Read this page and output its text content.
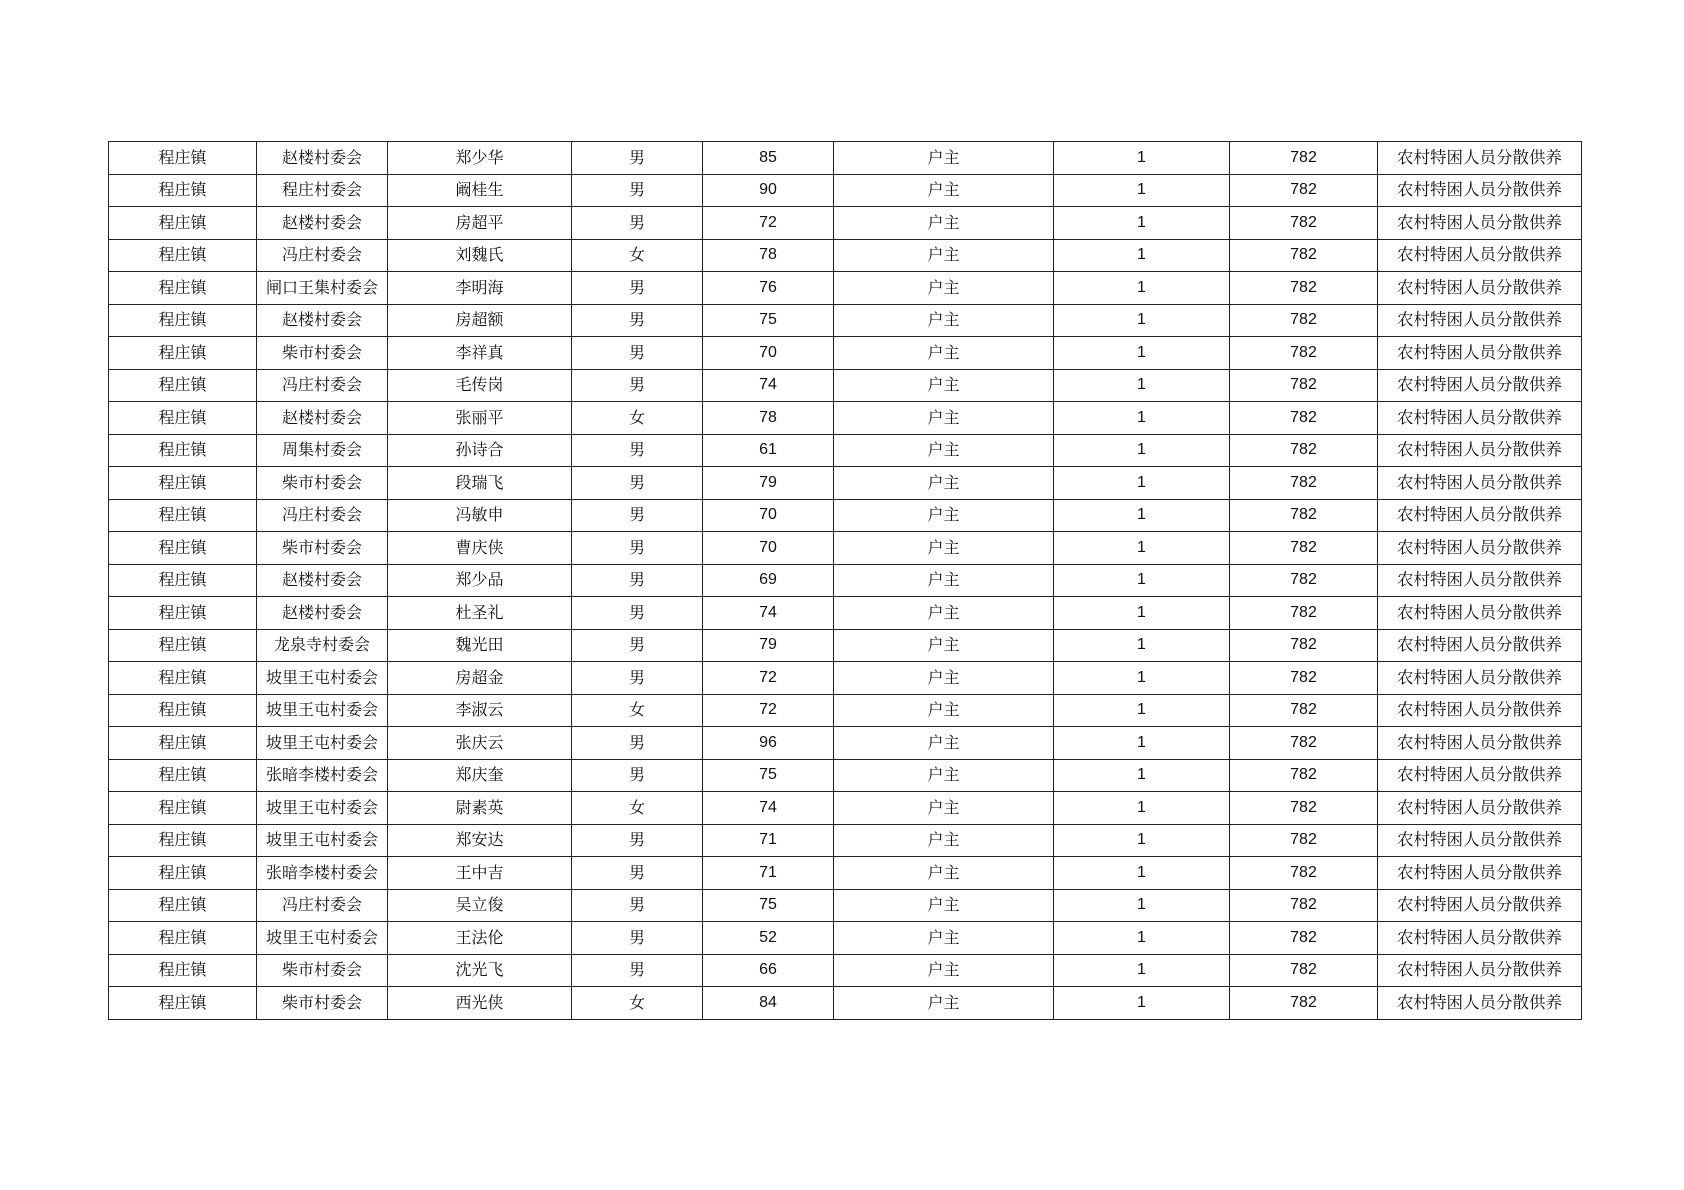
程庄镇	赵楼村委会	郑少华	男	85	户主	1	782	农村特困人员分散供养
程庄镇	程庄村委会	阚桂生	男	90	户主	1	782	农村特困人员分散供养
程庄镇	赵楼村委会	房超平	男	72	户主	1	782	农村特困人员分散供养
程庄镇	冯庄村委会	刘魏氏	女	78	户主	1	782	农村特困人员分散供养
程庄镇	闸口王集村委会	李明海	男	76	户主	1	782	农村特困人员分散供养
程庄镇	赵楼村委会	房超额	男	75	户主	1	782	农村特困人员分散供养
程庄镇	柴市村委会	李祥真	男	70	户主	1	782	农村特困人员分散供养
程庄镇	冯庄村委会	毛传岗	男	74	户主	1	782	农村特困人员分散供养
程庄镇	赵楼村委会	张丽平	女	78	户主	1	782	农村特困人员分散供养
程庄镇	周集村委会	孙诗合	男	61	户主	1	782	农村特困人员分散供养
程庄镇	柴市村委会	段瑞飞	男	79	户主	1	782	农村特困人员分散供养
程庄镇	冯庄村委会	冯敏申	男	70	户主	1	782	农村特困人员分散供养
程庄镇	柴市村委会	曹庆侠	男	70	户主	1	782	农村特困人员分散供养
程庄镇	赵楼村委会	郑少品	男	69	户主	1	782	农村特困人员分散供养
程庄镇	赵楼村委会	杜圣礼	男	74	户主	1	782	农村特困人员分散供养
程庄镇	龙泉寺村委会	魏光田	男	79	户主	1	782	农村特困人员分散供养
程庄镇	坡里王屯村委会	房超金	男	72	户主	1	782	农村特困人员分散供养
程庄镇	坡里王屯村委会	李淑云	女	72	户主	1	782	农村特困人员分散供养
程庄镇	坡里王屯村委会	张庆云	男	96	户主	1	782	农村特困人员分散供养
程庄镇	张暗李楼村委会	郑庆奎	男	75	户主	1	782	农村特困人员分散供养
程庄镇	坡里王屯村委会	尉素英	女	74	户主	1	782	农村特困人员分散供养
程庄镇	坡里王屯村委会	郑安达	男	71	户主	1	782	农村特困人员分散供养
程庄镇	张暗李楼村委会	王中吉	男	71	户主	1	782	农村特困人员分散供养
程庄镇	冯庄村委会	吴立俊	男	75	户主	1	782	农村特困人员分散供养
程庄镇	坡里王屯村委会	王法伦	男	52	户主	1	782	农村特困人员分散供养
程庄镇	柴市村委会	沈光飞	男	66	户主	1	782	农村特困人员分散供养
程庄镇	柴市村委会	西光侠	女	84	户主	1	782	农村特困人员分散供养
